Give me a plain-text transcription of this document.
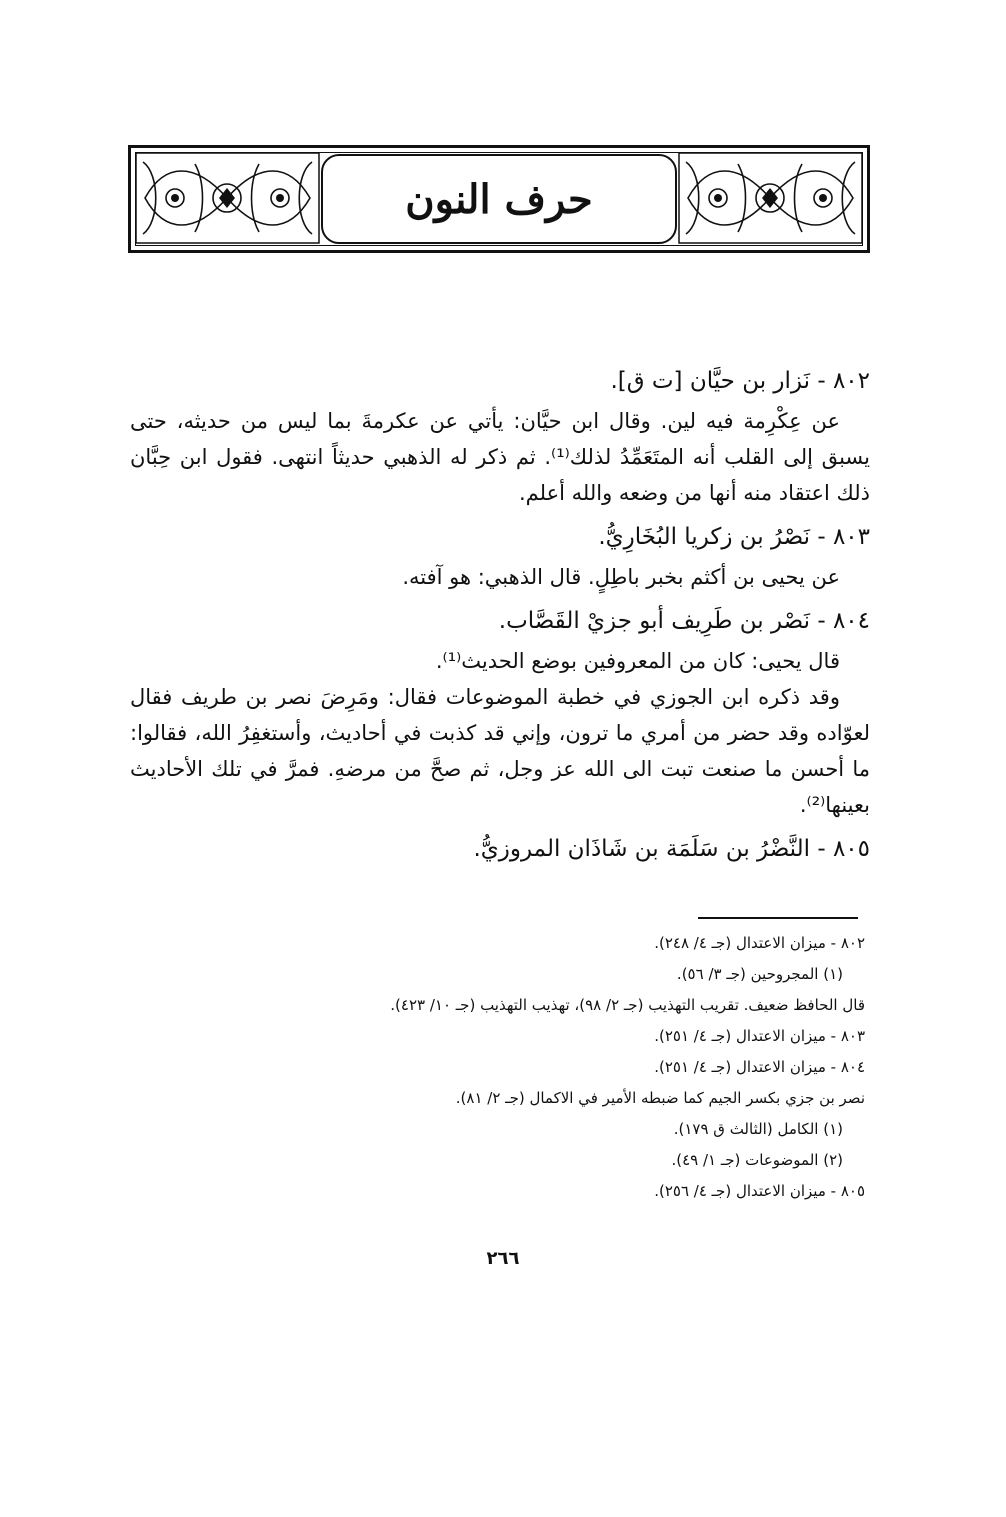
حرف النون

٨٠٢ - نَزار بن حيَّان [ت ق].

عن عِكْرِمة فيه لين. وقال ابن حيَّان: يأتي عن عكرمةَ بما ليس من حديثه، حتى يسبق إلى القلب أنه المتَعَمِّدُ لذلك⁽¹⁾. ثم ذكر له الذهبي حديثاً انتهى. فقول ابن حِبَّان ذلك اعتقاد منه أنها من وضعه والله أعلم.

٨٠٣ - نَصْرُ بن زكريا البُخَارِيُّ.

عن يحيى بن أكثم بخبر باطِلٍ. قال الذهبي: هو آفته.

٨٠٤ - نَصْر بن طَرِيف أبو جزيْ القَصَّاب.

قال يحيى: كان من المعروفين بوضع الحديث⁽¹⁾.

وقد ذكره ابن الجوزي في خطبة الموضوعات فقال: ومَرِضَ نصر بن طريف فقال لعوّاده وقد حضر من أمري ما ترون، وإني قد كذبت في أحاديث، وأستغفِرُ الله، فقالوا: ما أحسن ما صنعت تبت الى الله عز وجل، ثم صحَّ من مرضهِ. فمرَّ في تلك الأحاديث بعينها⁽²⁾.

٨٠٥ - النَّضْرُ بن سَلَمَة بن شَاذَان المروزيُّ.

٨٠٢ - ميزان الاعتدال (جـ ٤/ ٢٤٨).

(١) المجروحين (جـ ٣/ ٥٦).

قال الحافظ ضعيف. تقريب التهذيب (جـ ٢/ ٩٨)، تهذيب التهذيب (جـ ١٠/ ٤٢٣).

٨٠٣ - ميزان الاعتدال (جـ ٤/ ٢٥١).

٨٠٤ - ميزان الاعتدال (جـ ٤/ ٢٥١).

نصر بن جزي بكسر الجيم كما ضبطه الأمير في الاكمال (جـ ٢/ ٨١).

(١) الكامل (الثالث ق ١٧٩).

(٢) الموضوعات (جـ ١/ ٤٩).

٨٠٥ - ميزان الاعتدال (جـ ٤/ ٢٥٦).

٢٦٦
